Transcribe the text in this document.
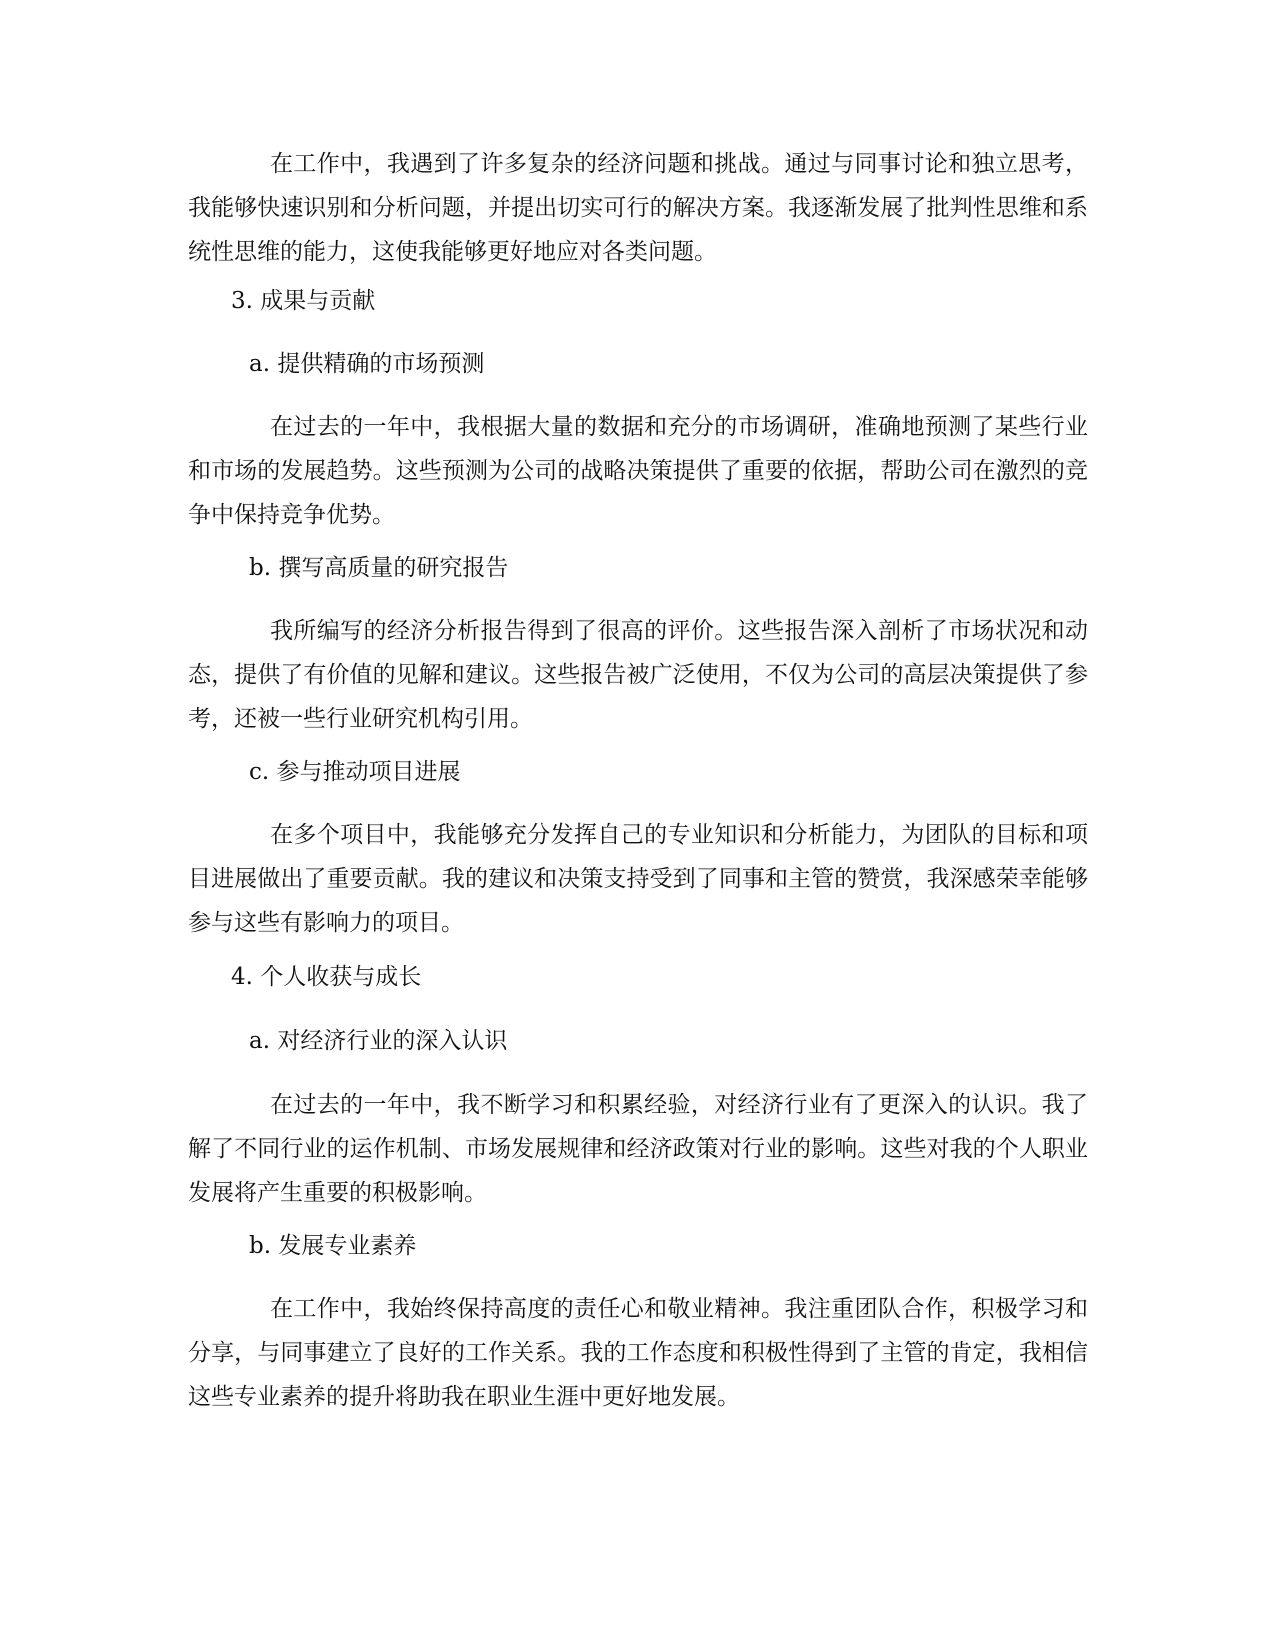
在工作中，我遇到了许多复杂的经济问题和挑战。通过与同事讨论和独立思考，我能够快速识别和分析问题，并提出切实可行的解决方案。我逐渐发展了批判性思维和系统性思维的能力，这使我能够更好地应对各类问题。

3. 成果与贡献
a. 提供精确的市场预测

在过去的一年中，我根据大量的数据和充分的市场调研，准确地预测了某些行业和市场的发展趋势。这些预测为公司的战略决策提供了重要的依据，帮助公司在激烈的竞争中保持竞争优势。

b. 撰写高质量的研究报告

我所编写的经济分析报告得到了很高的评价。这些报告深入剖析了市场状况和动态，提供了有价值的见解和建议。这些报告被广泛使用，不仅为公司的高层决策提供了参考，还被一些行业研究机构引用。

c. 参与推动项目进展

在多个项目中，我能够充分发挥自己的专业知识和分析能力，为团队的目标和项目进展做出了重要贡献。我的建议和决策支持受到了同事和主管的赞赏，我深感荣幸能够参与这些有影响力的项目。

4. 个人收获与成长
a. 对经济行业的深入认识

在过去的一年中，我不断学习和积累经验，对经济行业有了更深入的认识。我了解了不同行业的运作机制、市场发展规律和经济政策对行业的影响。这些对我的个人职业发展将产生重要的积极影响。

b. 发展专业素养

在工作中，我始终保持高度的责任心和敬业精神。我注重团队合作，积极学习和分享，与同事建立了良好的工作关系。我的工作态度和积极性得到了主管的肯定，我相信这些专业素养的提升将助我在职业生涯中更好地发展。
